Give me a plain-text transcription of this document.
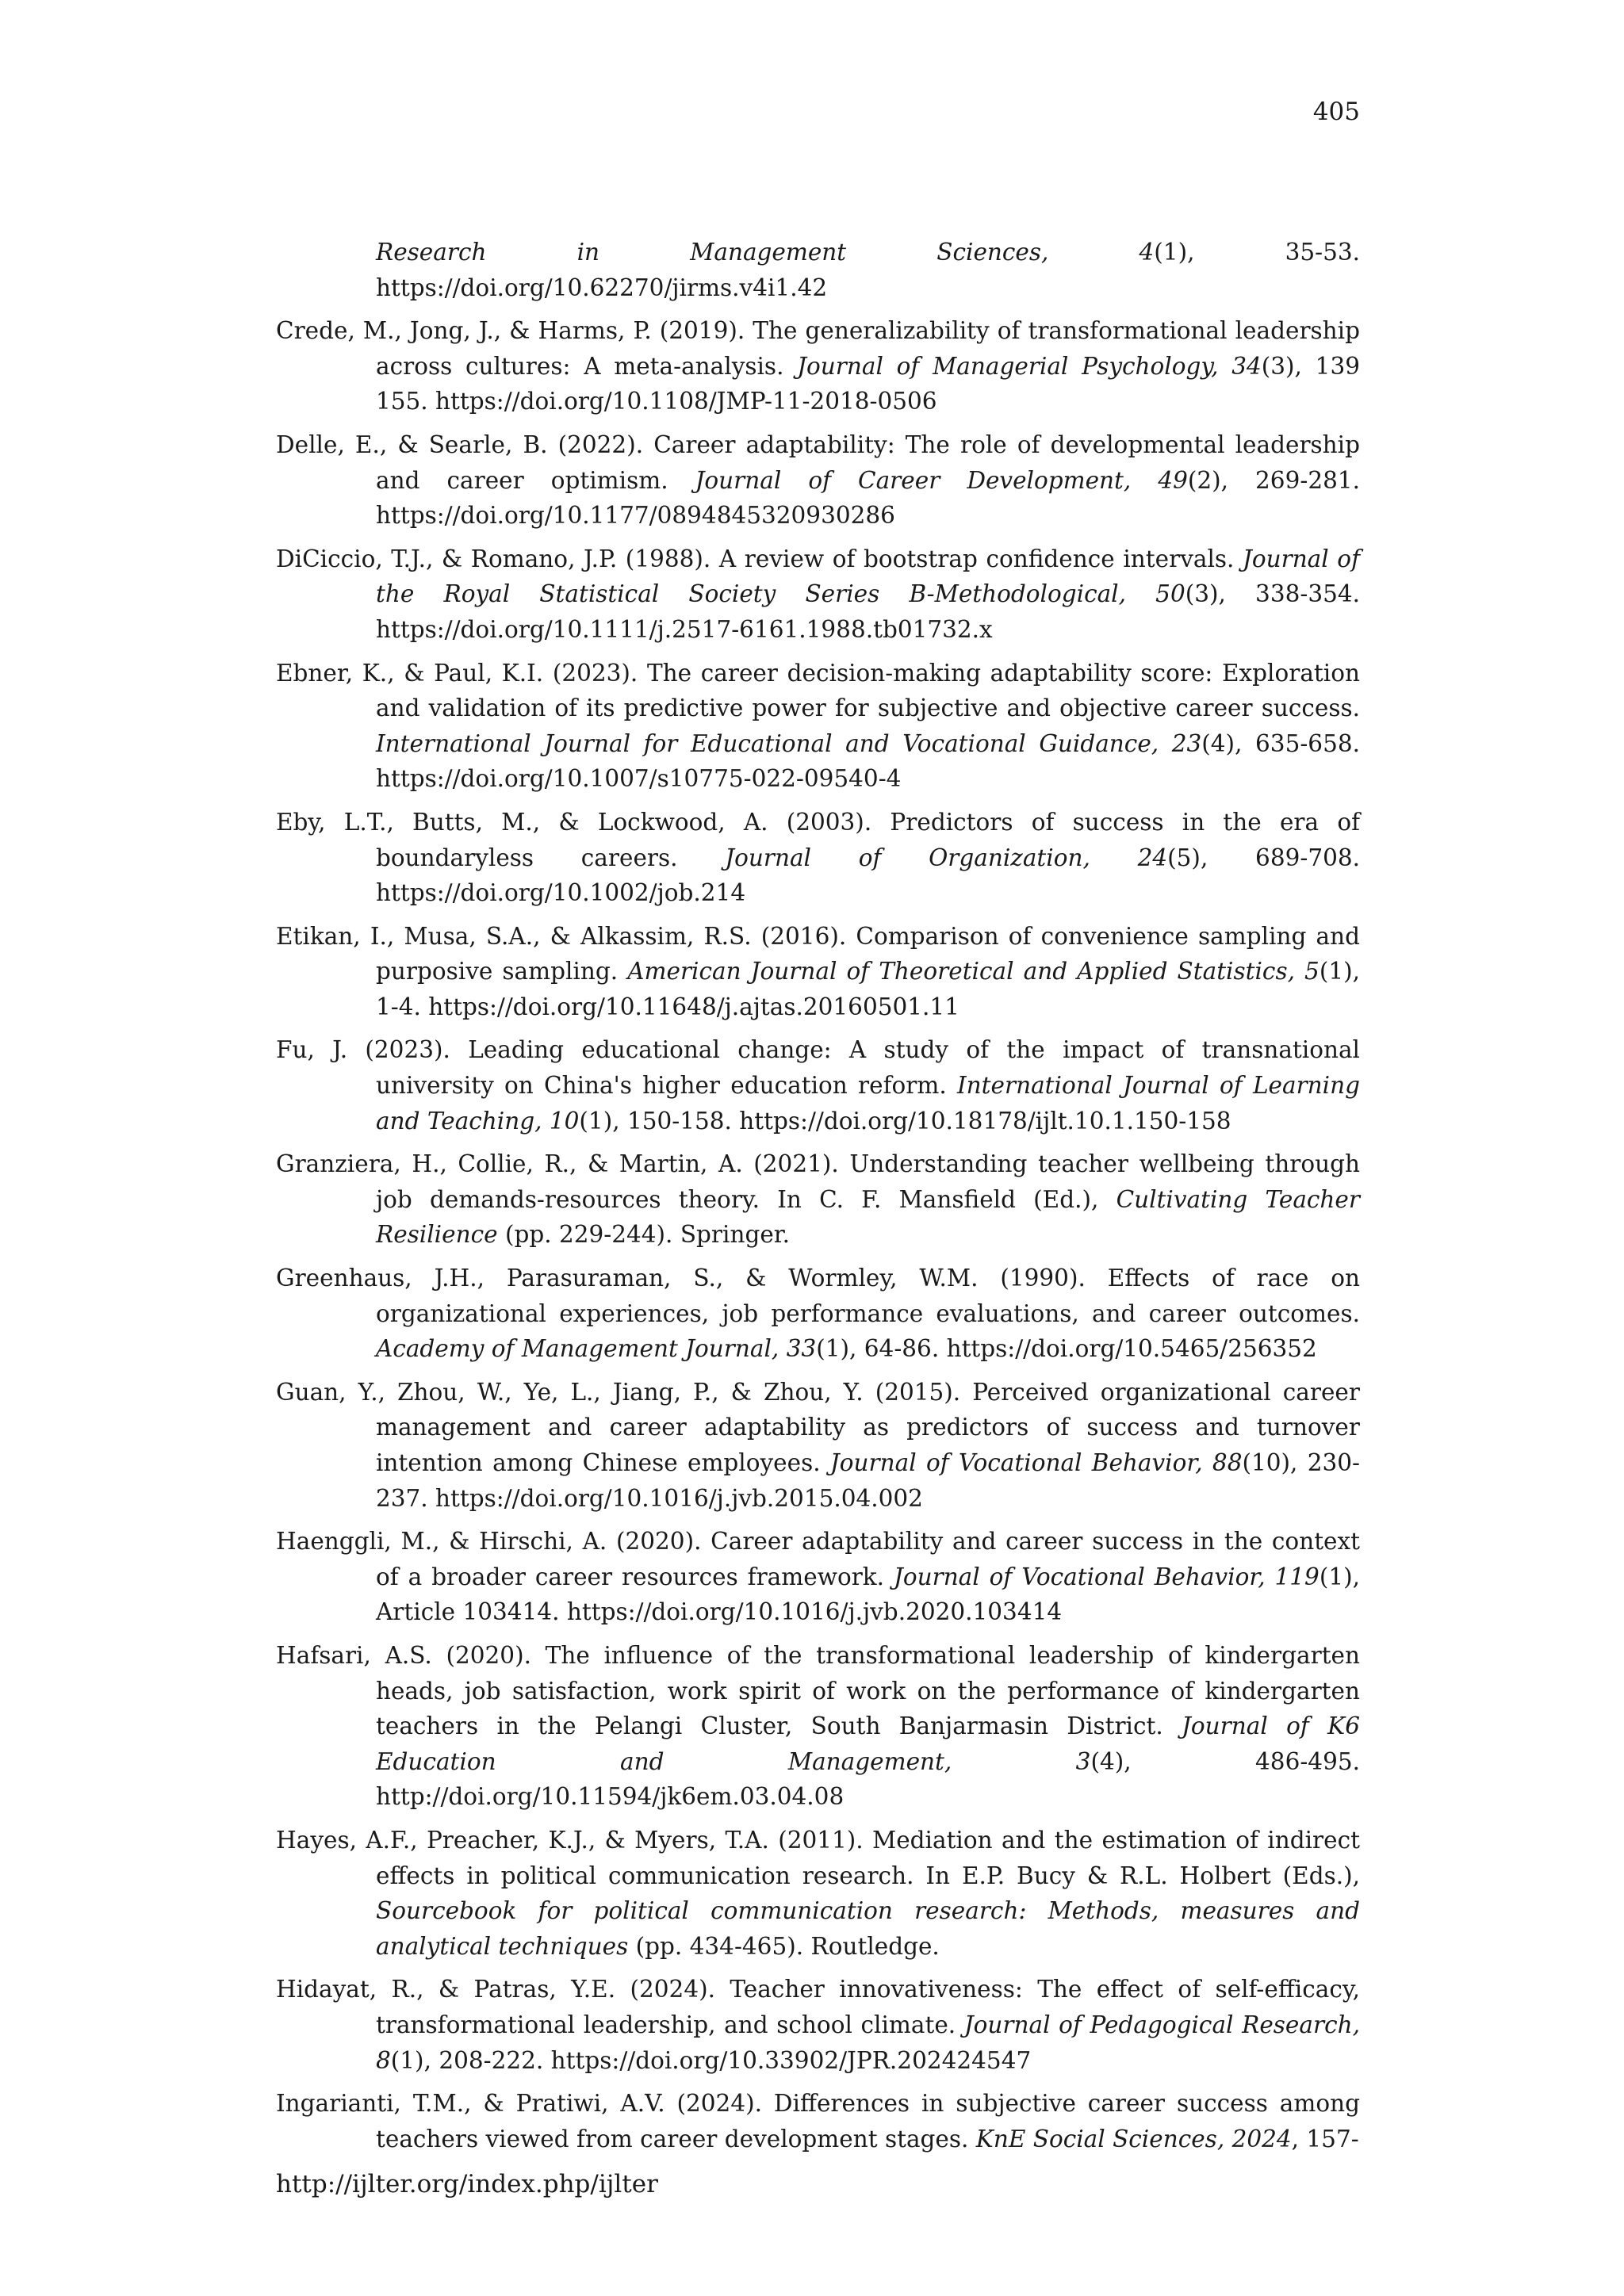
405

Research in Management Sciences, 4(1), 35-53. https://doi.org/10.62270/jirms.v4i1.42

Crede, M., Jong, J., & Harms, P. (2019). The generalizability of transformational leadership across cultures: A meta-analysis. Journal of Managerial Psychology, 34(3), 139 155. https://doi.org/10.1108/JMP-11-2018-0506

Delle, E., & Searle, B. (2022). Career adaptability: The role of developmental leadership and career optimism. Journal of Career Development, 49(2), 269-281. https://doi.org/10.1177/0894845320930286

DiCiccio, T.J., & Romano, J.P. (1988). A review of bootstrap confidence intervals. Journal of the Royal Statistical Society Series B-Methodological, 50(3), 338-354. https://doi.org/10.1111/j.2517-6161.1988.tb01732.x

Ebner, K., & Paul, K.I. (2023). The career decision-making adaptability score: Exploration and validation of its predictive power for subjective and objective career success. International Journal for Educational and Vocational Guidance, 23(4), 635-658. https://doi.org/10.1007/s10775-022-09540-4

Eby, L.T., Butts, M., & Lockwood, A. (2003). Predictors of success in the era of boundaryless careers. Journal of Organization, 24(5), 689-708. https://doi.org/10.1002/job.214

Etikan, I., Musa, S.A., & Alkassim, R.S. (2016). Comparison of convenience sampling and purposive sampling. American Journal of Theoretical and Applied Statistics, 5(1), 1-4. https://doi.org/10.11648/j.ajtas.20160501.11

Fu, J. (2023). Leading educational change: A study of the impact of transnational university on China's higher education reform. International Journal of Learning and Teaching, 10(1), 150-158. https://doi.org/10.18178/ijlt.10.1.150-158

Granziera, H., Collie, R., & Martin, A. (2021). Understanding teacher wellbeing through job demands-resources theory. In C. F. Mansfield (Ed.), Cultivating Teacher Resilience (pp. 229-244). Springer.

Greenhaus, J.H., Parasuraman, S., & Wormley, W.M. (1990). Effects of race on organizational experiences, job performance evaluations, and career outcomes. Academy of Management Journal, 33(1), 64-86. https://doi.org/10.5465/256352

Guan, Y., Zhou, W., Ye, L., Jiang, P., & Zhou, Y. (2015). Perceived organizational career management and career adaptability as predictors of success and turnover intention among Chinese employees. Journal of Vocational Behavior, 88(10), 230-237. https://doi.org/10.1016/j.jvb.2015.04.002

Haenggli, M., & Hirschi, A. (2020). Career adaptability and career success in the context of a broader career resources framework. Journal of Vocational Behavior, 119(1), Article 103414. https://doi.org/10.1016/j.jvb.2020.103414

Hafsari, A.S. (2020). The influence of the transformational leadership of kindergarten heads, job satisfaction, work spirit of work on the performance of kindergarten teachers in the Pelangi Cluster, South Banjarmasin District. Journal of K6 Education and Management, 3(4), 486-495. http://doi.org/10.11594/jk6em.03.04.08

Hayes, A.F., Preacher, K.J., & Myers, T.A. (2011). Mediation and the estimation of indirect effects in political communication research. In E.P. Bucy & R.L. Holbert (Eds.), Sourcebook for political communication research: Methods, measures and analytical techniques (pp. 434-465). Routledge.

Hidayat, R., & Patras, Y.E. (2024). Teacher innovativeness: The effect of self-efficacy, transformational leadership, and school climate. Journal of Pedagogical Research, 8(1), 208-222. https://doi.org/10.33902/JPR.202424547

Ingarianti, T.M., & Pratiwi, A.V. (2024). Differences in subjective career success among teachers viewed from career development stages. KnE Social Sciences, 2024, 157-

http://ijlter.org/index.php/ijlter
